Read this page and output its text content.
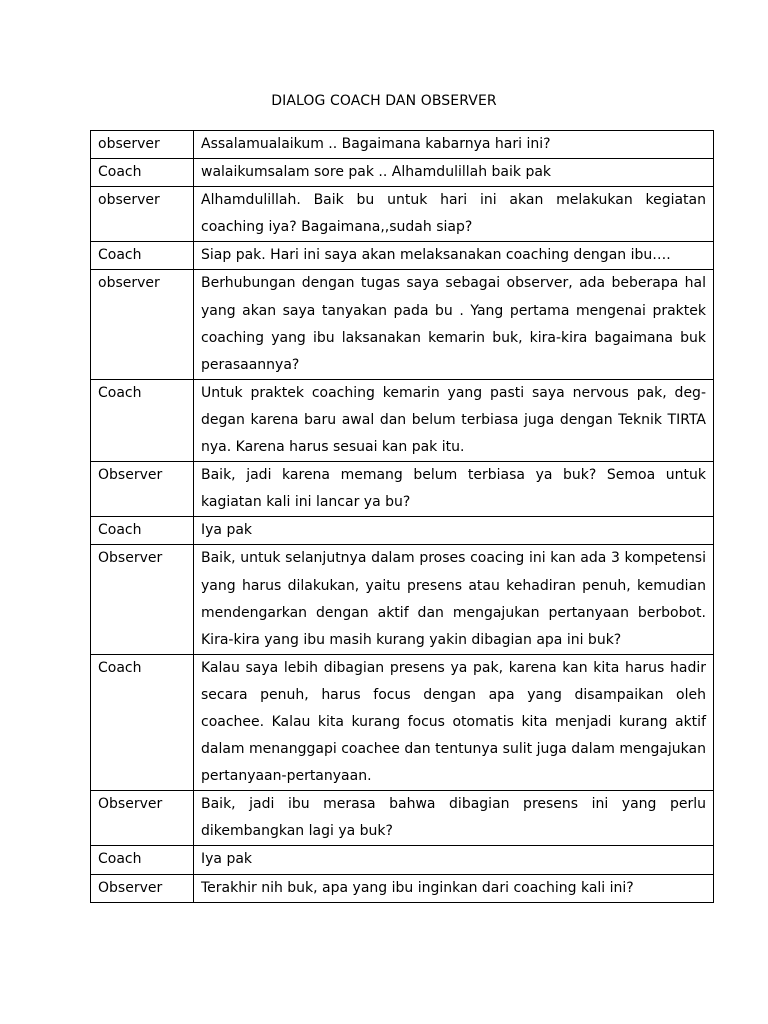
DIALOG COACH DAN OBSERVER
observer	Assalamualaikum .. Bagaimana kabarnya hari ini?
Coach	walaikumsalam sore pak .. Alhamdulillah baik pak
observer	Alhamdulillah. Baik bu untuk hari ini akan melakukan kegiatan coaching iya? Bagaimana,,sudah siap?
Coach	Siap pak. Hari ini saya akan melaksanakan coaching dengan ibu….
observer	Berhubungan dengan tugas saya sebagai observer, ada beberapa hal yang akan saya tanyakan pada bu . Yang pertama mengenai praktek coaching yang ibu laksanakan kemarin buk, kira-kira bagaimana buk perasaannya?
Coach	Untuk praktek coaching kemarin yang pasti saya nervous pak, deg-degan karena baru awal dan belum terbiasa juga dengan Teknik TIRTA nya. Karena harus sesuai kan pak itu.
Observer	Baik, jadi karena memang belum terbiasa ya buk? Semoa untuk kagiatan kali ini lancar ya bu?
Coach	Iya pak
Observer	Baik, untuk selanjutnya dalam proses coacing ini kan ada 3 kompetensi yang harus dilakukan, yaitu presens atau kehadiran penuh, kemudian mendengarkan dengan aktif dan mengajukan pertanyaan berbobot. Kira-kira yang ibu masih kurang yakin dibagian apa ini buk?
Coach	Kalau saya lebih dibagian presens ya pak, karena kan kita harus hadir secara penuh, harus focus dengan apa yang disampaikan oleh coachee. Kalau kita kurang focus otomatis kita menjadi kurang aktif dalam menanggapi coachee dan tentunya sulit juga dalam mengajukan pertanyaan-pertanyaan.
Observer	Baik, jadi ibu merasa bahwa dibagian presens ini yang perlu dikembangkan lagi ya buk?
Coach	Iya pak
Observer	Terakhir nih buk, apa yang ibu inginkan dari coaching kali ini?
